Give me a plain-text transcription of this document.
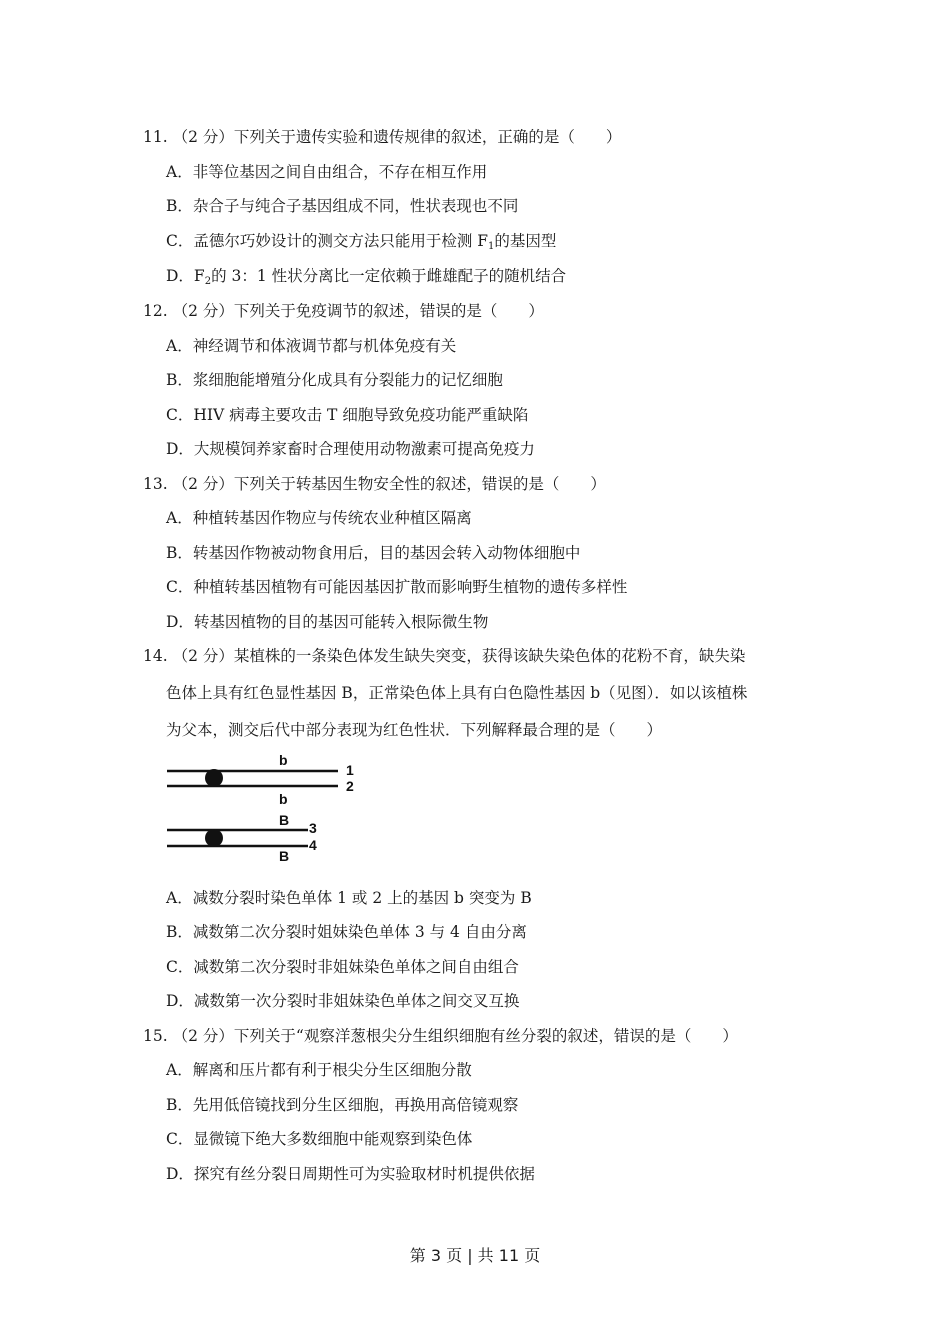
11. （2 分）下列关于遗传实验和遗传规律的叙述，正确的是（　　）
A．非等位基因之间自由组合，不存在相互作用
B．杂合子与纯合子基因组成不同，性状表现也不同
C．孟德尔巧妙设计的测交方法只能用于检测 $F_1$的基因型
D．$F_2$的 3：1 性状分离比一定依赖于雌雄配子的随机结合
12. （2 分）下列关于免疫调节的叙述，错误的是（　　）
A．神经调节和体液调节都与机体免疫有关
B．浆细胞能增殖分化成具有分裂能力的记忆细胞
C．HIV 病毒主要攻击 T 细胞导致免疫功能严重缺陷
D．大规模饲养家畜时合理使用动物激素可提高免疫力
13. （2 分）下列关于转基因生物安全性的叙述，错误的是（　　）
A．种植转基因作物应与传统农业种植区隔离
B．转基因作物被动物食用后，目的基因会转入动物体细胞中
C．种植转基因植物有可能因基因扩散而影响野生植物的遗传多样性
D．转基因植物的目的基因可能转入根际微生物
14. （2 分）某植株的一条染色体发生缺失突变，获得该缺失染色体的花粉不育，缺失染
色体上具有红色显性基因 B，正常染色体上具有白色隐性基因 b（见图）．如以该植株
为父本，测交后代中部分表现为红色性状．下列解释最合理的是（　　）
b
b
1
2
B
B
3
4
A．减数分裂时染色单体 1 或 2 上的基因 b 突变为 B
B．减数第二次分裂时姐妹染色单体 3 与 4 自由分离
C．减数第二次分裂时非姐妹染色单体之间自由组合
D．减数第一次分裂时非姐妹染色单体之间交叉互换
15. （2 分）下列关于“观察洋葱根尖分生组织细胞有丝分裂的叙述，错误的是（　　）
A．解离和压片都有利于根尖分生区细胞分散
B．先用低倍镜找到分生区细胞，再换用高倍镜观察
C．显微镜下绝大多数细胞中能观察到染色体
D．探究有丝分裂日周期性可为实验取材时机提供依据
第 3 页 | 共 11 页
